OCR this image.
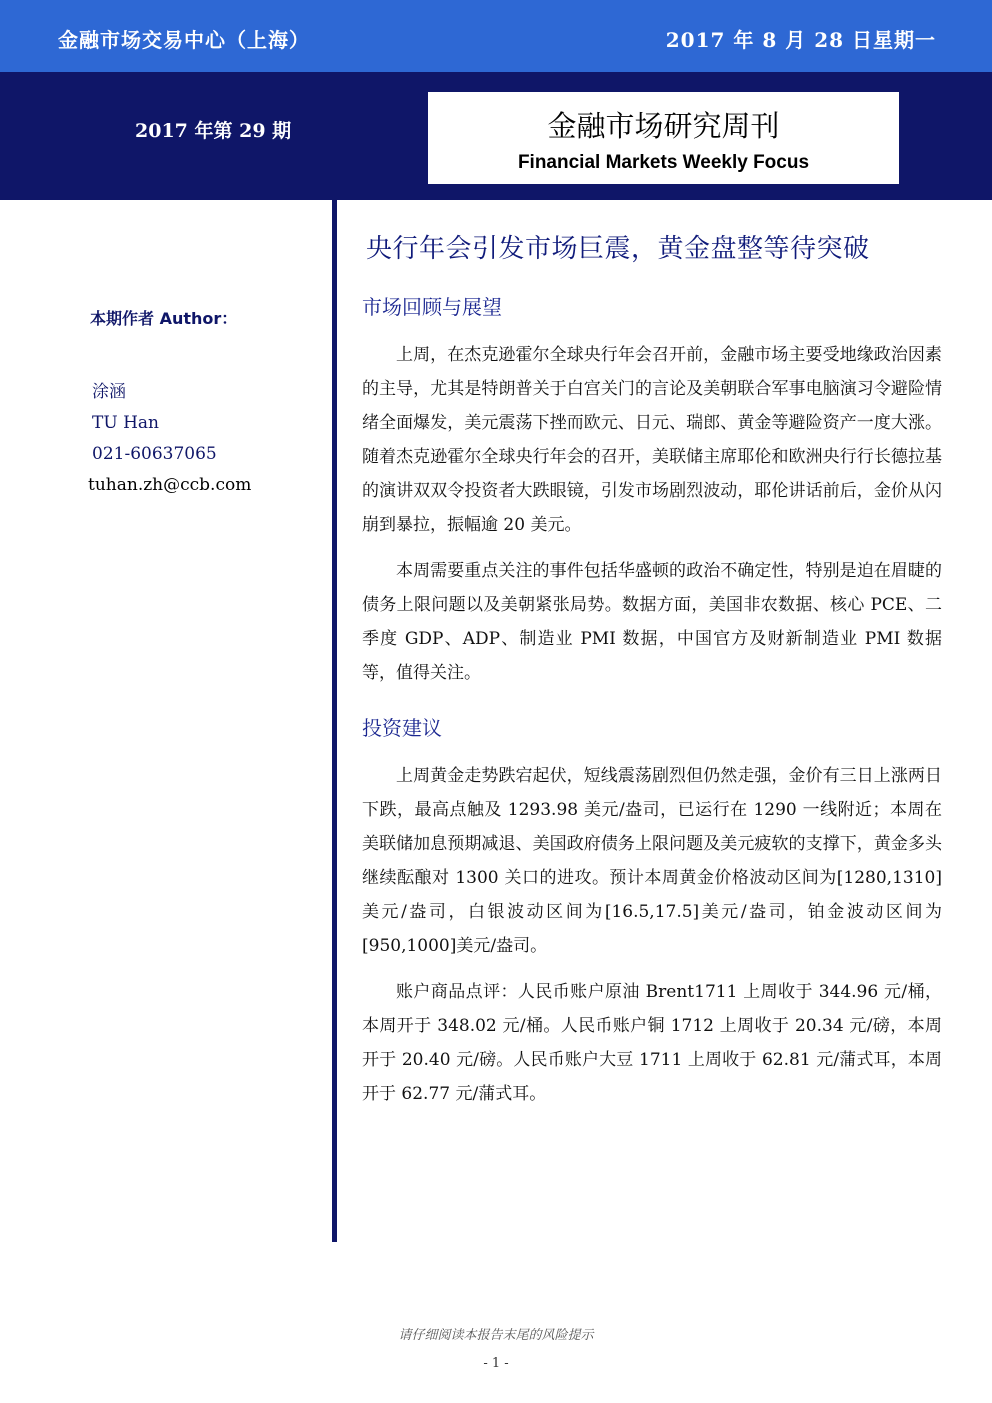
金融市场交易中心（上海）	2017 年 8 月 28 日星期一
2017 年第 29 期	金融市场研究周刊
Financial Markets Weekly Focus
本期作者 Author：
涂涵
TU Han
021-60637065
tuhan.zh@ccb.com
央行年会引发市场巨震，黄金盘整等待突破
市场回顾与展望

上周，在杰克逊霍尔全球央行年会召开前，金融市场主要受地缘政治因素的主导，尤其是特朗普关于白宫关门的言论及美朝联合军事电脑演习令避险情绪全面爆发，美元震荡下挫而欧元、日元、瑞郎、黄金等避险资产一度大涨。随着杰克逊霍尔全球央行年会的召开，美联储主席耶伦和欧洲央行行长德拉基的演讲双双令投资者大跌眼镜，引发市场剧烈波动，耶伦讲话前后，金价从闪崩到暴拉，振幅逾 20 美元。

本周需要重点关注的事件包括华盛顿的政治不确定性，特别是迫在眉睫的债务上限问题以及美朝紧张局势。数据方面，美国非农数据、核心 PCE、二季度 GDP、ADP、制造业 PMI 数据，中国官方及财新制造业 PMI 数据等，值得关注。

投资建议

上周黄金走势跌宕起伏，短线震荡剧烈但仍然走强，金价有三日上涨两日下跌，最高点触及 1293.98 美元/盎司，已运行在 1290 一线附近；本周在美联储加息预期减退、美国政府债务上限问题及美元疲软的支撑下，黄金多头继续酝酿对 1300 关口的进攻。预计本周黄金价格波动区间为[1280,1310]美元/盎司，白银波动区间为[16.5,17.5]美元/盎司，铂金波动区间为[950,1000]美元/盎司。

账户商品点评：人民币账户原油 Brent1711 上周收于 344.96 元/桶，本周开于 348.02 元/桶。人民币账户铜 1712 上周收于 20.34 元/磅，本周开于 20.40 元/磅。人民币账户大豆 1711 上周收于 62.81 元/蒲式耳，本周开于 62.77 元/蒲式耳。

请仔细阅读本报告末尾的风险提示
- 1 -
